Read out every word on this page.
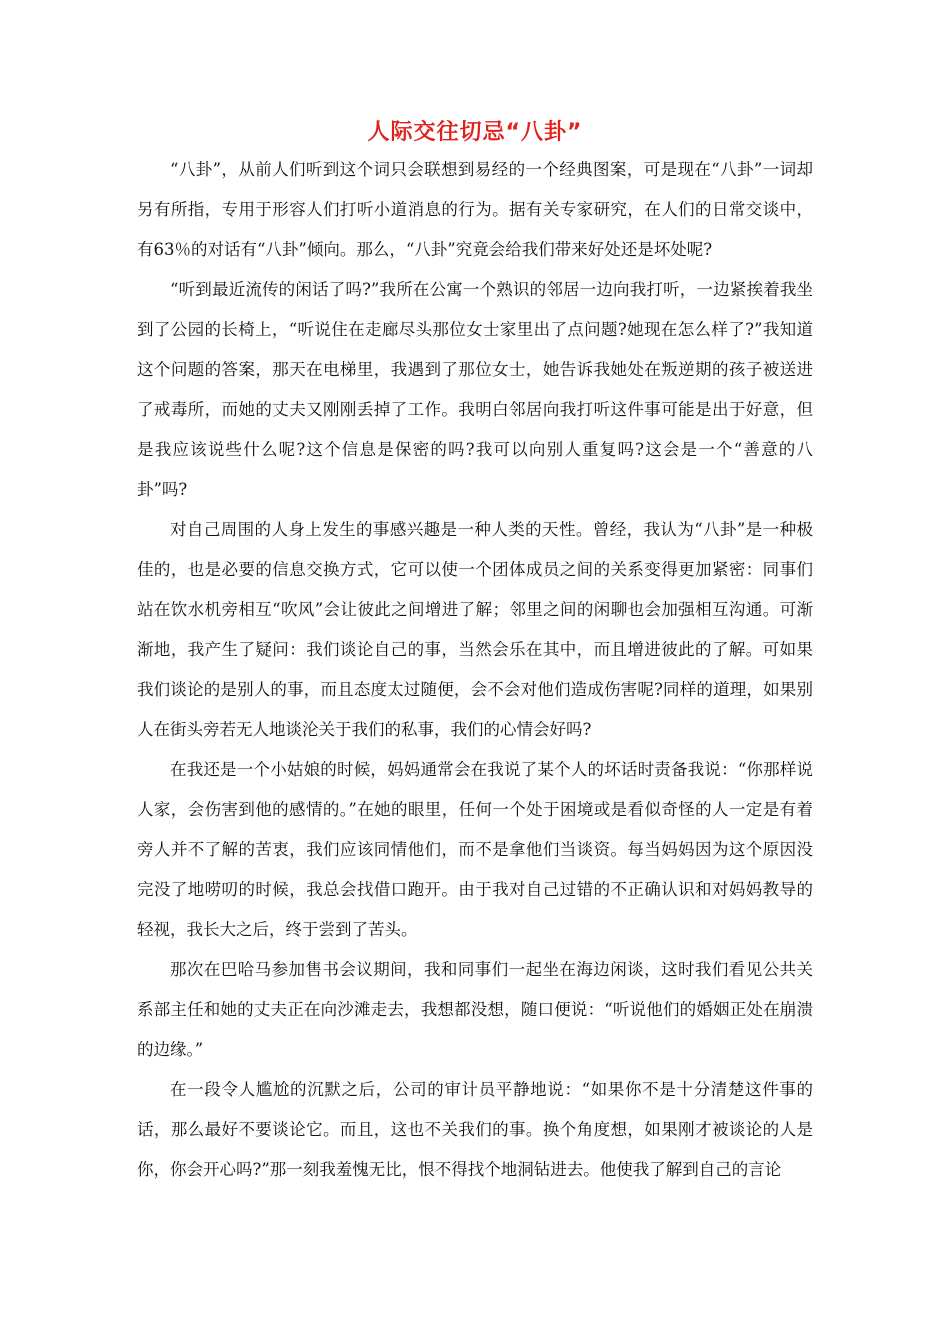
人际交往切忌“八卦”

“八卦”，从前人们听到这个词只会联想到易经的一个经典图案，可是现在“八卦”一词却另有所指，专用于形容人们打听小道消息的行为。据有关专家研究，在人们的日常交谈中，有63％的对话有“八卦”倾向。那么，“八卦”究竟会给我们带来好处还是坏处呢?

“听到最近流传的闲话了吗?”我所在公寓一个熟识的邻居一边向我打听，一边紧挨着我坐到了公园的长椅上，“听说住在走廊尽头那位女士家里出了点问题?她现在怎么样了?”我知道这个问题的答案，那天在电梯里，我遇到了那位女士，她告诉我她处在叛逆期的孩子被送进了戒毒所，而她的丈夫又刚刚丢掉了工作。我明白邻居向我打听这件事可能是出于好意，但是我应该说些什么呢?这个信息是保密的吗?我可以向别人重复吗?这会是一个“善意的八卦”吗?

对自己周围的人身上发生的事感兴趣是一种人类的天性。曾经，我认为“八卦”是一种极佳的，也是必要的信息交换方式，它可以使一个团体成员之间的关系变得更加紧密：同事们站在饮水机旁相互“吹风”会让彼此之间增进了解；邻里之间的闲聊也会加强相互沟通。可渐渐地，我产生了疑问：我们谈论自己的事，当然会乐在其中，而且增进彼此的了解。可如果我们谈论的是别人的事，而且态度太过随便，会不会对他们造成伤害呢?同样的道理，如果别人在街头旁若无人地谈沦关于我们的私事，我们的心情会好吗?

在我还是一个小姑娘的时候，妈妈通常会在我说了某个人的坏话时责备我说：“你那样说人家，会伤害到他的感情的。”在她的眼里，任何一个处于困境或是看似奇怪的人一定是有着旁人并不了解的苦衷，我们应该同情他们，而不是拿他们当谈资。每当妈妈因为这个原因没完没了地唠叨的时候，我总会找借口跑开。由于我对自己过错的不正确认识和对妈妈教导的轻视，我长大之后，终于尝到了苦头。

那次在巴哈马参加售书会议期间，我和同事们一起坐在海边闲谈，这时我们看见公共关系部主任和她的丈夫正在向沙滩走去，我想都没想，随口便说：“听说他们的婚姻正处在崩溃的边缘。”

在一段令人尴尬的沉默之后，公司的审计员平静地说：“如果你不是十分清楚这件事的话，那么最好不要谈论它。而且，这也不关我们的事。换个角度想，如果刚才被谈论的人是你，你会开心吗?”那一刻我羞愧无比，恨不得找个地洞钻进去。他使我了解到自己的言论
